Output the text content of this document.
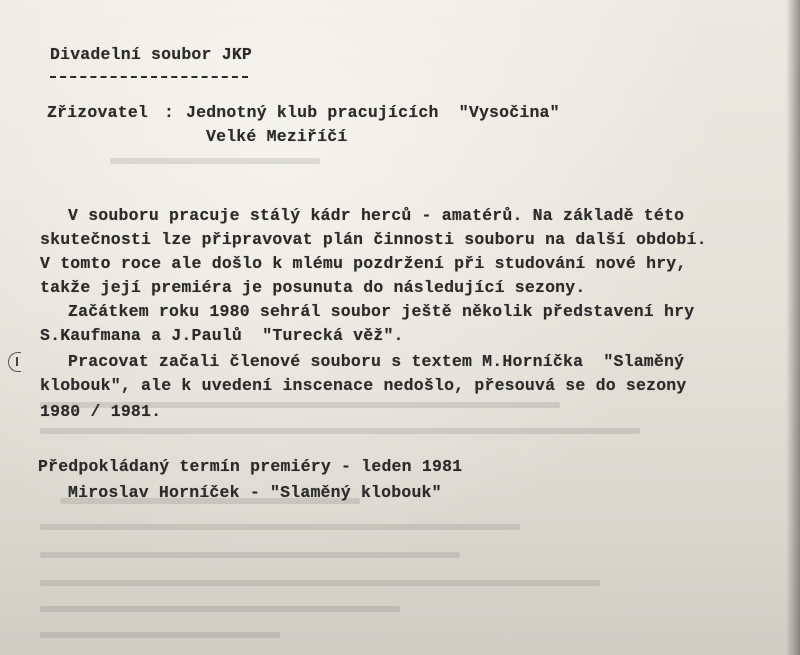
Divadelní soubor JKP
Zřizovatel : Jednotný klub pracujících  "Vysočina"
Velké Meziříčí
V souboru pracuje stálý kádr herců - amatérů. Na základě této
skutečnosti lze připravovat plán činnosti souboru na další období.
V tomto roce ale došlo k mlému pozdržení při studování nové hry,
takže její premiéra je posunuta do následující sezony.
Začátkem roku 1980 sehrál soubor ještě několik představení hry
S.Kaufmana a J.Paulů  "Turecká věž".
Pracovat začali členové souboru s textem M.Horníčka  "Slaměný
klobouk", ale k uvedení inscenace nedošlo, přesouvá se do sezony
1980 / 1981.
Předpokládaný termín premiéry - leden 1981
Miroslav Horníček - "Slaměný klobouk"
